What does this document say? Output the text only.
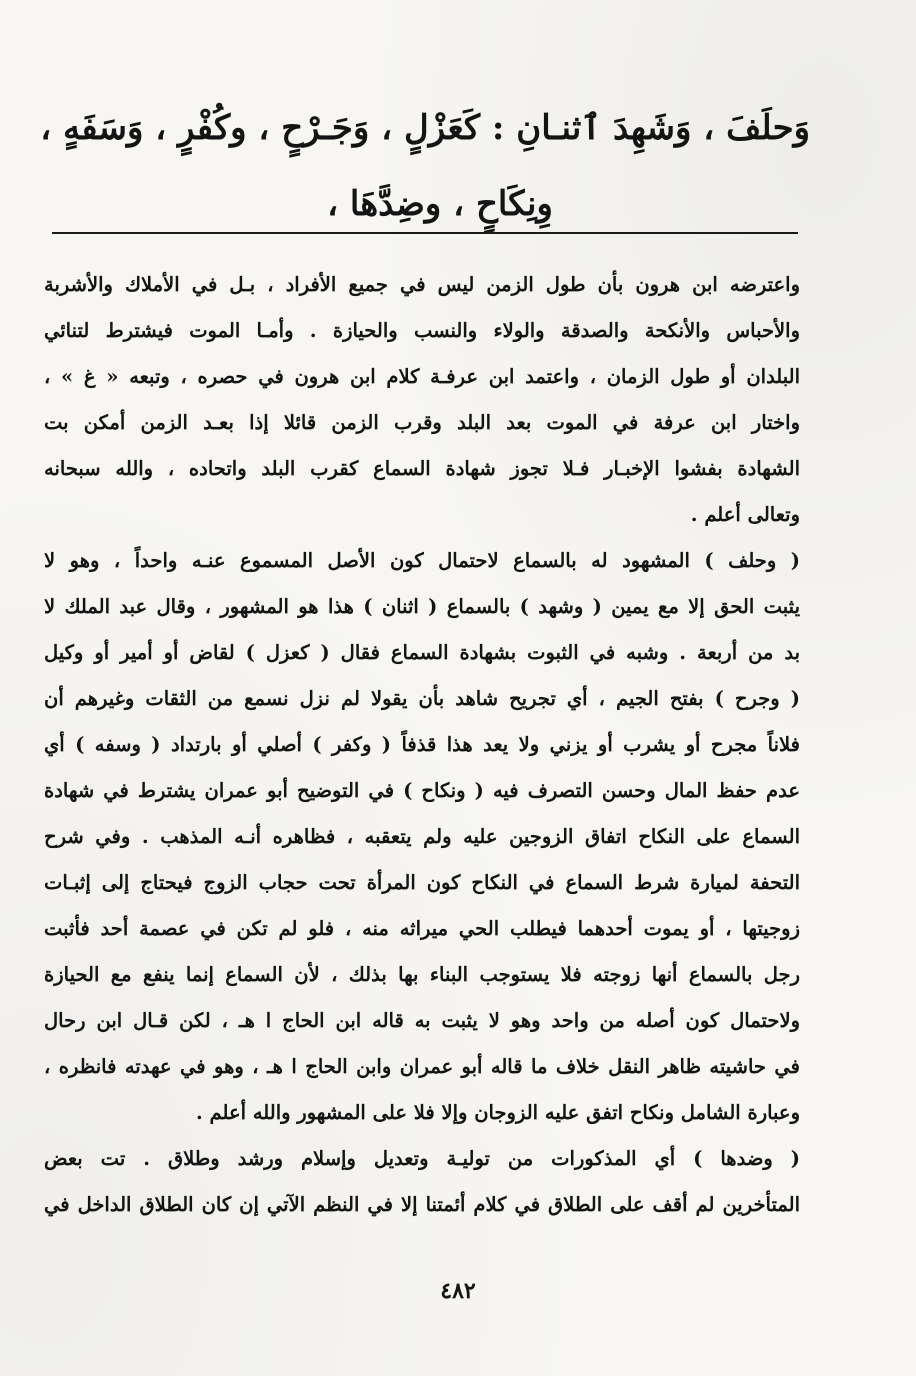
وَحلَفَ ، وَشَهِدَ ٱثنـانِ : كَعَزْلٍ ، وَجَـرْحٍ ، وكُفْرٍ ، وَسَفَهٍ ،
وِنِكَاحٍ ، وضِدَّهَا ،

واعترضه ابن هرون بأن طول الزمن ليس في جميع الأفراد ، بـل في الأملاك والأشربة
والأحباس والأنكحة والصدقة والولاء والنسب والحيازة . وأمـا الموت فيشترط لتنائي
البلدان أو طول الزمان ، واعتمد ابن عرفـة كلام ابن هرون في حصره ، وتبعه « غ » ،
واختار ابن عرفة في الموت بعد البلد وقرب الزمن قائلا إذا بعـد الزمن أمكن بت
الشهادة بفشوا الإخبـار فـلا تجوز شهادة السماع كقرب البلد واتحاده ، والله سبحانه
وتعالى أعلم .

( وحلف ) المشهود له بالسماع لاحتمال كون الأصل المسموع عنـه واحداً ، وهو لا
يثبت الحق إلا مع يمين ( وشهد ) بالسماع ( اثنان ) هذا هو المشهور ، وقال عبد الملك لا
بد من أربعة . وشبه في الثبوت بشهادة السماع فقال ( كعزل ) لقاض أو أمير أو وكيل
( وجرح ) بفتح الجيم ، أي تجريح شاهد بأن يقولا لم نزل نسمع من الثقات وغيرهم أن
فلاناً مجرح أو يشرب أو يزني ولا يعد هذا قذفاً ( وكفر ) أصلي أو بارتداد ( وسفه ) أي
عدم حفظ المال وحسن التصرف فيه ( ونكاح ) في التوضيح أبو عمران يشترط في شهادة
السماع على النكاح اتفاق الزوجين عليه ولم يتعقبه ، فظاهره أنـه المذهب . وفي شرح
التحفة لميارة شرط السماع في النكاح كون المرأة تحت حجاب الزوج فيحتاج إلى إثبـات
زوجيتها ، أو يموت أحدهما فيطلب الحي ميراثه منه ، فلو لم تكن في عصمة أحد فأثبت
رجل بالسماع أنها زوجته فلا يستوجب البناء بها بذلك ، لأن السماع إنما ينفع مع الحيازة
ولاحتمال كون أصله من واحد وهو لا يثبت به قاله ابن الحاج ا هـ ، لكن قـال ابن رحال
في حاشيته ظاهر النقل خلاف ما قاله أبو عمران وابن الحاج ا هـ ، وهو في عهدته فانظره ،
وعبارة الشامل ونكاح اتفق عليه الزوجان وإلا فلا على المشهور والله أعلم .

( وضدها ) أي المذكورات من توليـة وتعديل وإسلام ورشد وطلاق . تت بعض
المتأخرين لم أقف على الطلاق في كلام أئمتنا إلا في النظم الآتي إن كان الطلاق الداخل في

٤٨٢
